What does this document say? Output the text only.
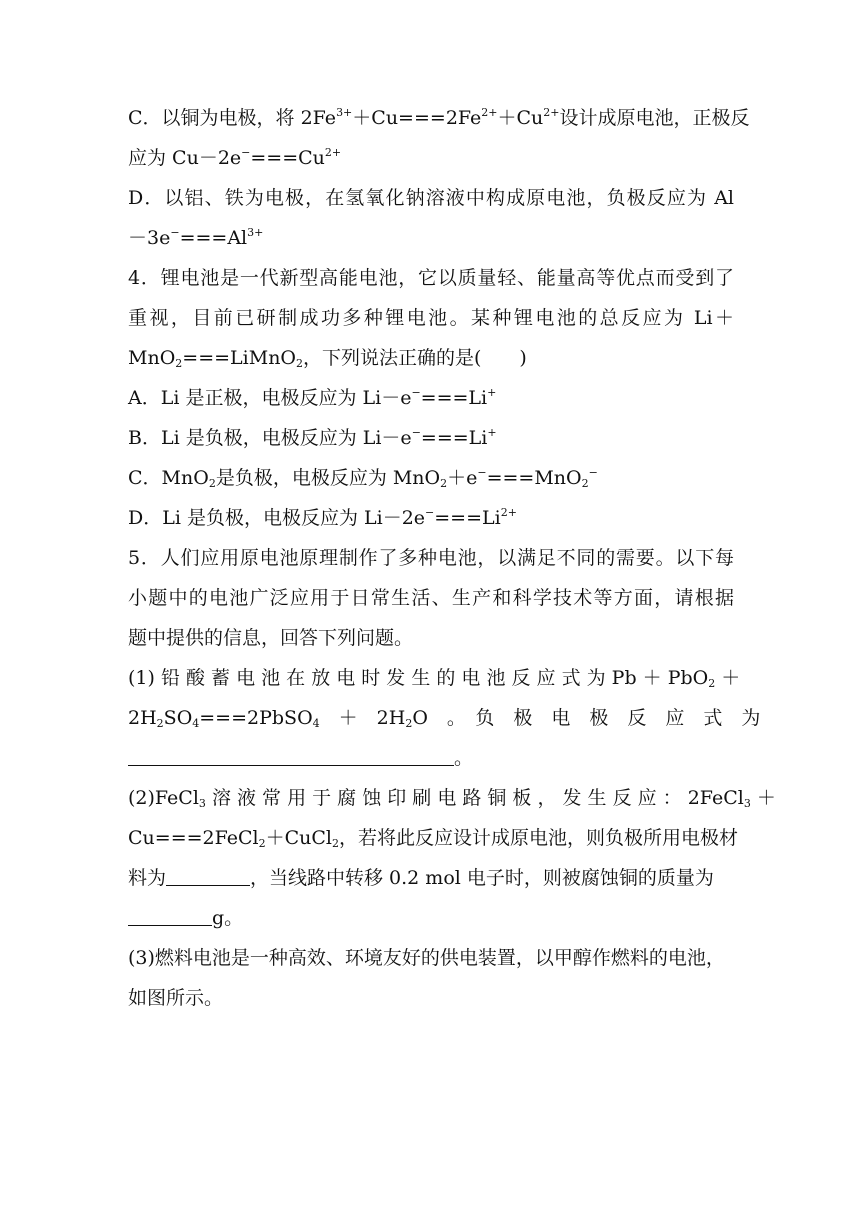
C．以铜为电极，将 $2Fe^{3+}+Cu===2Fe^{2+}+Cu^{2+}$设计成原电池，正极反
应为 $Cu-2e^-===Cu^{2+}$
D．以铝、铁为电极，在氢氧化钠溶液中构成原电池，负极反应为 Al
$-3e^-===Al^{3+}$
4．锂电池是一代新型高能电池，它以质量轻、能量高等优点而受到了
重视，目前已研制成功多种锂电池。某种锂电池的总反应为 Li＋
MnO$_2$===LiMnO$_2$，下列说法正确的是(　　)
A．Li 是正极，电极反应为 Li－e−===Li+
B．Li 是负极，电极反应为 Li－e−===Li+
C．MnO$_2$是负极，电极反应为 MnO$_2$＋e−===MnO$_2$−
D．Li 是负极，电极反应为 $Li-2e^-===Li^{2+}$
5．人们应用原电池原理制作了多种电池，以满足不同的需要。以下每
小题中的电池广泛应用于日常生活、生产和科学技术等方面，请根据
题中提供的信息，回答下列问题。
(1) 铅 酸 蓄 电 池 在 放 电 时 发 生 的 电 池 反 应 式 为 Pb ＋ PbO$_2$ ＋
$2H_2SO_4===2PbSO_4$　＋　$2H_2O$　。　负　极　电　极　反　应　式　为
。
(2)FeCl$_3$ 溶 液 常 用 于 腐 蚀 印 刷 电 路 铜 板 ， 发 生 反 应 ： 2FeCl$_3$ ＋
Cu===2FeCl$_2$＋CuCl$_2$，若将此反应设计成原电池，则负极所用电极材
料为	，当线路中转移 0.2 mol 电子时，则被腐蚀铜的质量为
g。
(3)燃料电池是一种高效、环境友好的供电装置，以甲醇作燃料的电池，
如图所示。
